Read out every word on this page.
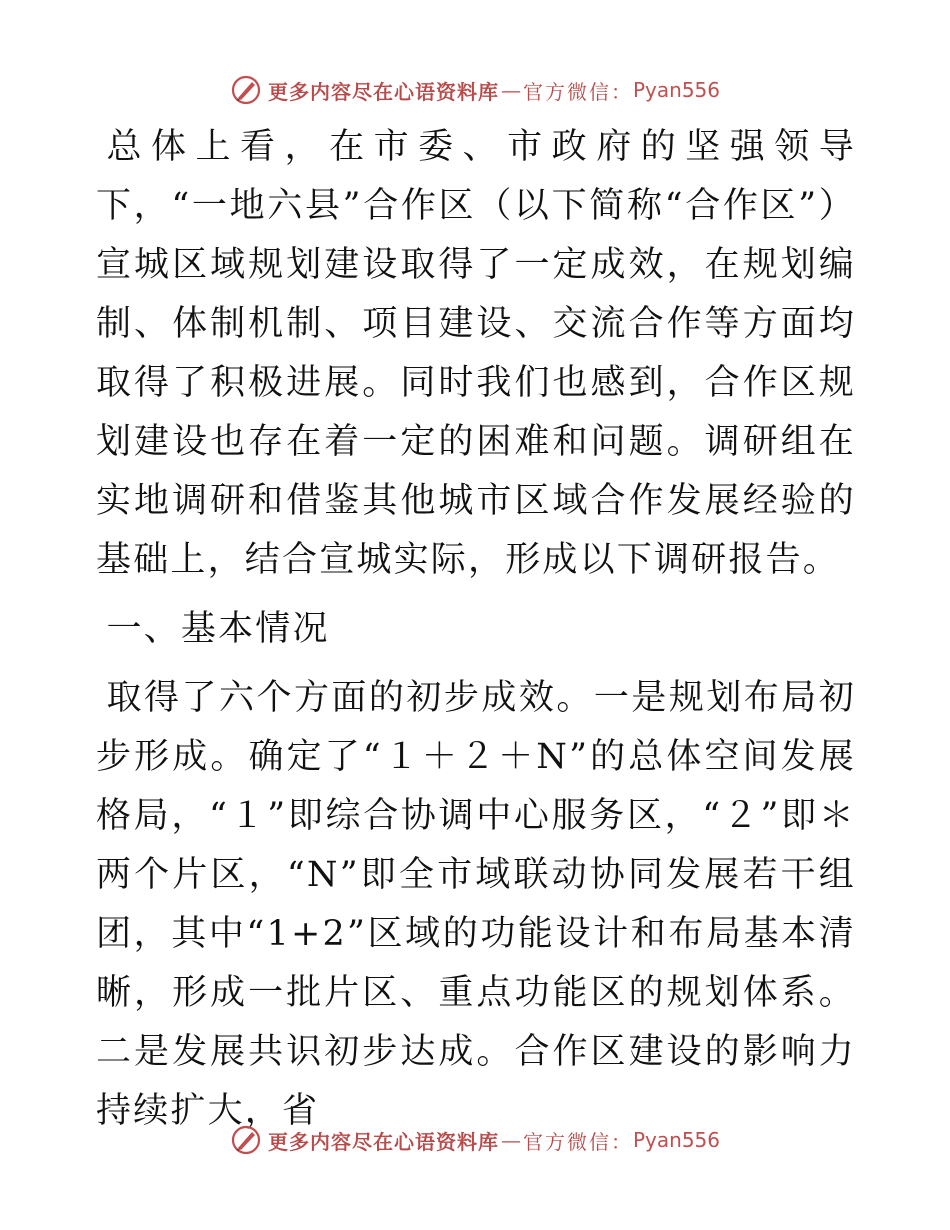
更多内容尽在心语资料库 — 官方微信： Pyan556

总体上看，在市委、市政府的坚强领导下，“一地六县”合作区（以下简称“合作区”）宣城区域规划建设取得了一定成效，在规划编制、体制机制、项目建设、交流合作等方面均取得了积极进展。同时我们也感到，合作区规划建设也存在着一定的困难和问题。调研组在实地调研和借鉴其他城市区域合作发展经验的基础上，结合宣城实际，形成以下调研报告。

一、基本情况

取得了六个方面的初步成效。一是规划布局初步形成。确定了“１＋２＋N”的总体空间发展格局，“１”即综合协调中心服务区，“２”即＊两个片区，“N”即全市域联动协同发展若干组团，其中“1+2”区域的功能设计和布局基本清晰，形成一批片区、重点功能区的规划体系。二是发展共识初步达成。合作区建设的影响力持续扩大，省

更多内容尽在心语资料库 — 官方微信： Pyan556
